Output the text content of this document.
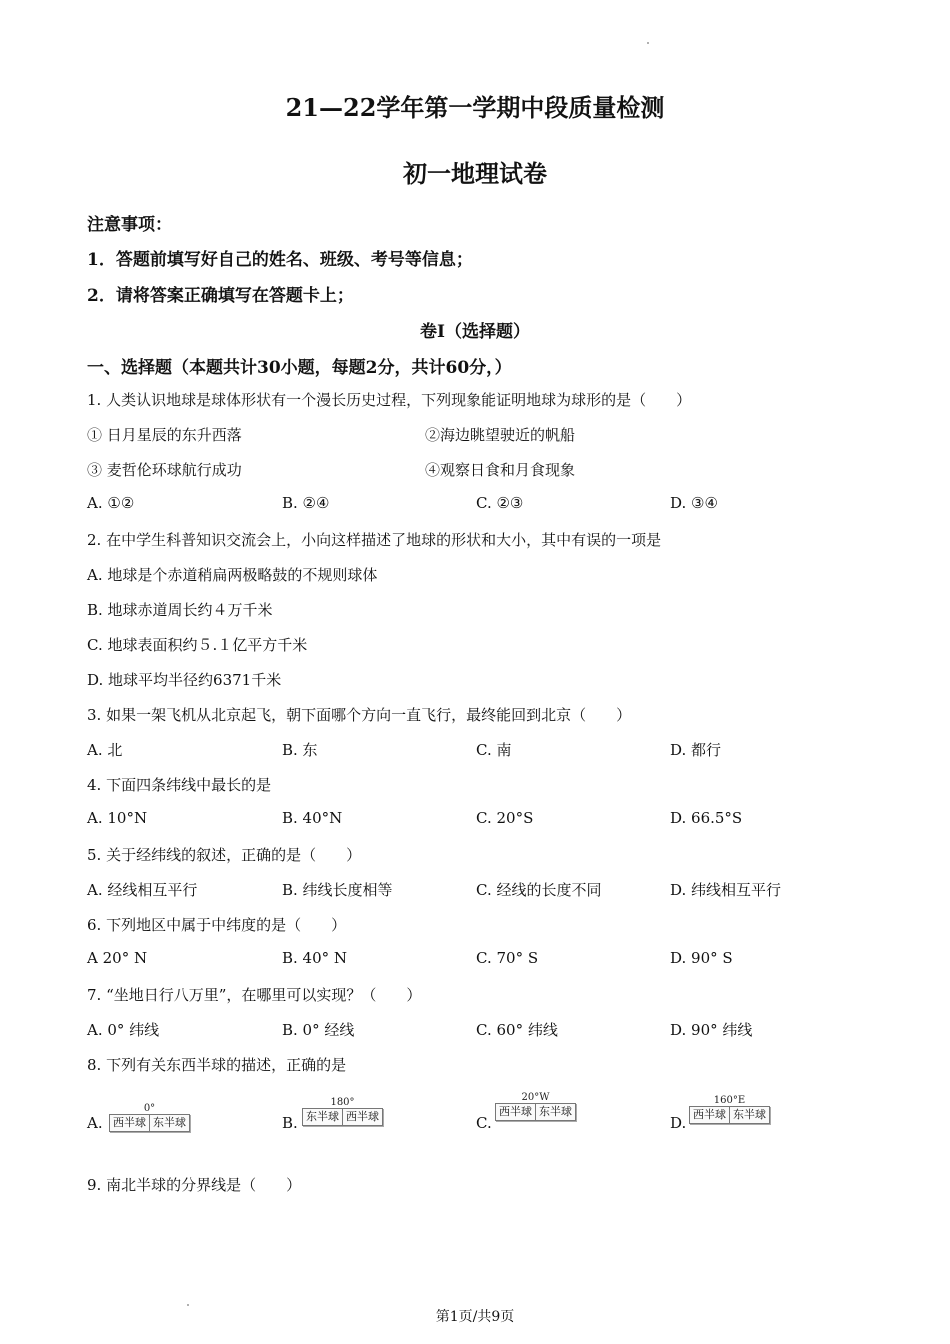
21—22学年第一学期中段质量检测
初一地理试卷
注意事项：
1．答题前填写好自己的姓名、班级、考号等信息；
2．请将答案正确填写在答题卡上；
卷I（选择题）
一、选择题（本题共计30小题，每题2分，共计60分，）
1. 人类认识地球是球体形状有一个漫长历史过程，下列现象能证明地球为球形的是（　　）
① 日月星辰的东升西落	②海边眺望驶近的帆船
③ 麦哲伦环球航行成功	④观察日食和月食现象
A. ①②	B. ②④	C. ②③	D. ③④
2. 在中学生科普知识交流会上，小向这样描述了地球的形状和大小，其中有误的一项是
A. 地球是个赤道稍扁两极略鼓的不规则球体
B. 地球赤道周长约４万千米
C. 地球表面积约５.１亿平方千米
D. 地球平均半径约6371千米
3. 如果一架飞机从北京起飞，朝下面哪个方向一直飞行，最终能回到北京（　　）
A. 北	B. 东	C. 南	D. 都行
4. 下面四条纬线中最长的是
A. 10°N	B. 40°N	C. 20°S	D. 66.5°S
5. 关于经纬线的叙述，正确的是（　　）
A. 经线相互平行	B. 纬线长度相等	C. 经线的长度不同	D. 纬线相互平行
6. 下列地区中属于中纬度的是（　　）
A 20° N	B. 40° N	C. 70° S	D. 90° S
7. “坐地日行八万里”，在哪里可以实现？（　　）
A. 0° 纬线	B. 0° 经线	C. 60° 纬线	D. 90° 纬线
8. 下列有关东西半球的描述，正确的是
A.
0°
西半球 东半球	B.
180°
东半球 西半球	C.
20°W
西半球 东半球
D.
160°E
西半球 东半球
9. 南北半球的分界线是（　　）
第1页/共9页
